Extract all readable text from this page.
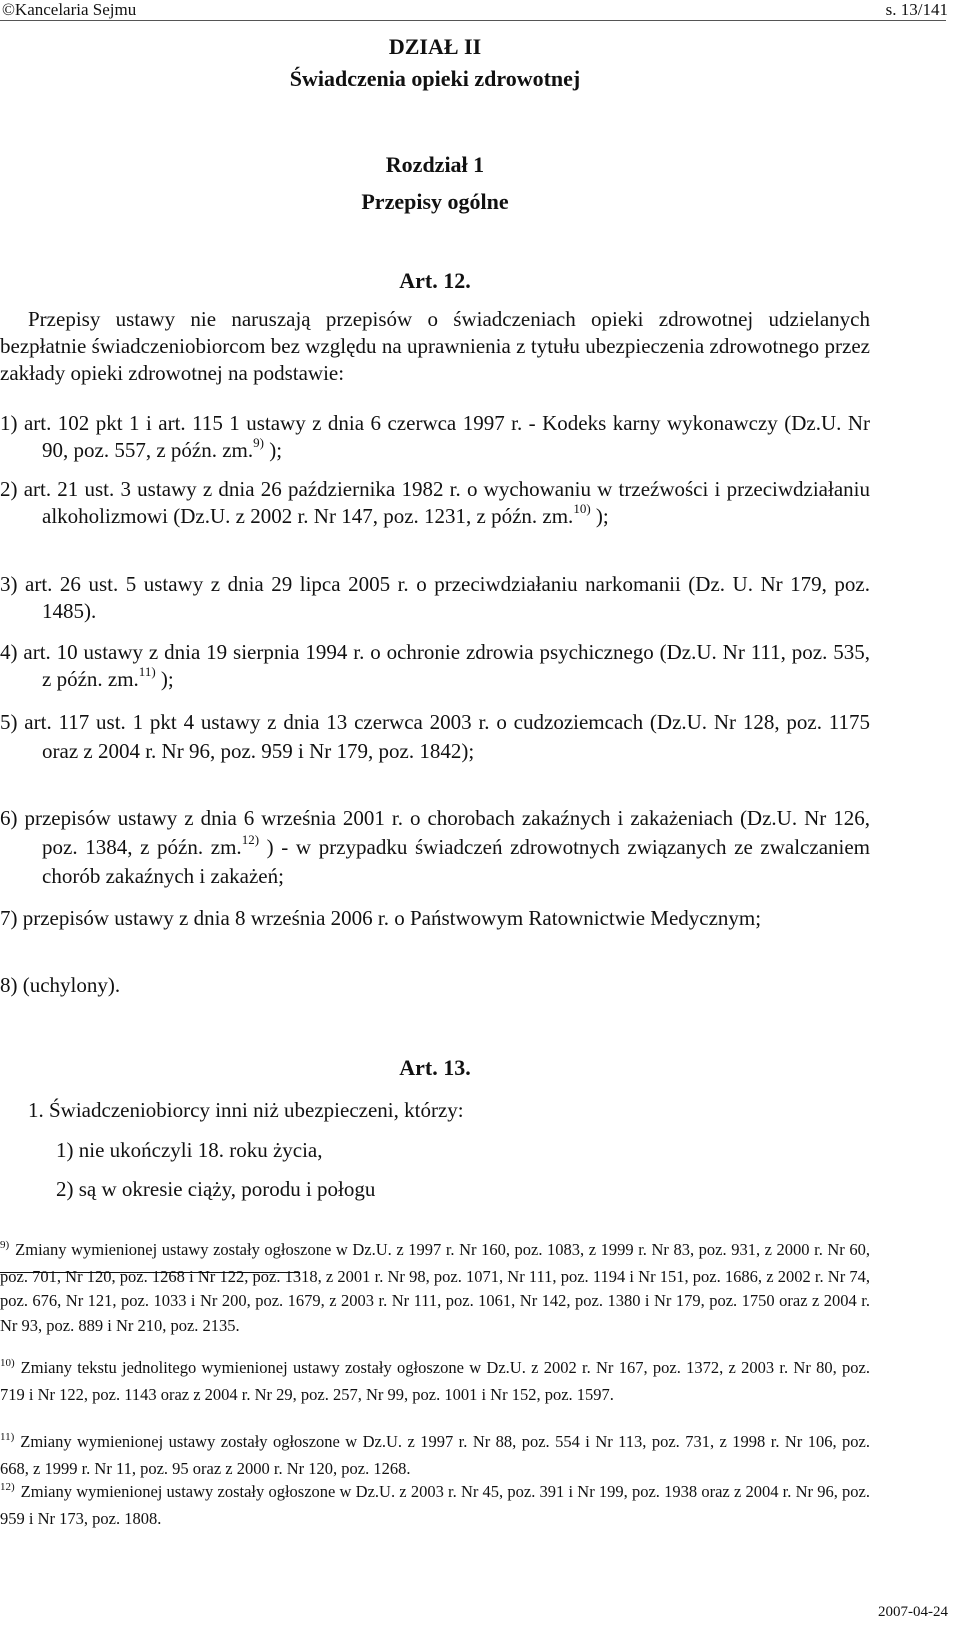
©Kancelaria Sejmu	s. 13/141
DZIAŁ II
Świadczenia opieki zdrowotnej
Rozdział 1
Przepisy ogólne
Art. 12.
Przepisy ustawy nie naruszają przepisów o świadczeniach opieki zdrowotnej udzielanych bezpłatnie świadczeniobiorcom bez względu na uprawnienia z tytułu ubezpieczenia zdrowotnego przez zakłady opieki zdrowotnej na podstawie:
1) art. 102 pkt 1 i art. 115 1 ustawy z dnia 6 czerwca 1997 r. - Kodeks karny wykonawczy (Dz.U. Nr 90, poz. 557, z późn. zm.$^{9)}$ );
2) art. 21 ust. 3 ustawy z dnia 26 października 1982 r. o wychowaniu w trzeźwości i przeciwdziałaniu alkoholizmowi (Dz.U. z 2002 r. Nr 147, poz. 1231, z późn. zm.$^{10)}$ );
3) art. 26 ust. 5 ustawy z dnia 29 lipca 2005 r. o przeciwdziałaniu narkomanii (Dz. U. Nr 179, poz. 1485).
4) art. 10 ustawy z dnia 19 sierpnia 1994 r. o ochronie zdrowia psychicznego (Dz.U. Nr 111, poz. 535, z późn. zm.$^{11)}$ );
5) art. 117 ust. 1 pkt 4 ustawy z dnia 13 czerwca 2003 r. o cudzoziemcach (Dz.U. Nr 128, poz. 1175 oraz z 2004 r. Nr 96, poz. 959 i Nr 179, poz. 1842);
6) przepisów ustawy z dnia 6 września 2001 r. o chorobach zakaźnych i zakażeniach (Dz.U. Nr 126, poz. 1384, z późn. zm.$^{12)}$ ) - w przypadku świadczeń zdrowotnych związanych ze zwalczaniem chorób zakaźnych i zakażeń;
7) przepisów ustawy z dnia 8 września 2006 r. o Państwowym Ratownictwie Medycznym;
8) (uchylony).
Art. 13.
1. Świadczeniobiorcy inni niż ubezpieczeni, którzy:
1) nie ukończyli 18. roku życia,
2) są w okresie ciąży, porodu i połogu
$^{9)}$ Zmiany wymienionej ustawy zostały ogłoszone w Dz.U. z 1997 r. Nr 160, poz. 1083, z 1999 r. Nr 83, poz. 931, z 2000 r. Nr 60, poz. 701, Nr 120, poz. 1268 i Nr 122, poz. 1318, z 2001 r. Nr 98, poz. 1071, Nr 111, poz. 1194 i Nr 151, poz. 1686, z 2002 r. Nr 74, poz. 676, Nr 121, poz. 1033 i Nr 200, poz. 1679, z 2003 r. Nr 111, poz. 1061, Nr 142, poz. 1380 i Nr 179, poz. 1750 oraz z 2004 r. Nr 93, poz. 889 i Nr 210, poz. 2135.
$^{10)}$ Zmiany tekstu jednolitego wymienionej ustawy zostały ogłoszone w Dz.U. z 2002 r. Nr 167, poz. 1372, z 2003 r. Nr 80, poz. 719 i Nr 122, poz. 1143 oraz z 2004 r. Nr 29, poz. 257, Nr 99, poz. 1001 i Nr 152, poz. 1597.
$^{11)}$ Zmiany wymienionej ustawy zostały ogłoszone w Dz.U. z 1997 r. Nr 88, poz. 554 i Nr 113, poz. 731, z 1998 r. Nr 106, poz. 668, z 1999 r. Nr 11, poz. 95 oraz z 2000 r. Nr 120, poz. 1268.
$^{12)}$ Zmiany wymienionej ustawy zostały ogłoszone w Dz.U. z 2003 r. Nr 45, poz. 391 i Nr 199, poz. 1938 oraz z 2004 r. Nr 96, poz. 959 i Nr 173, poz. 1808.
2007-04-24
